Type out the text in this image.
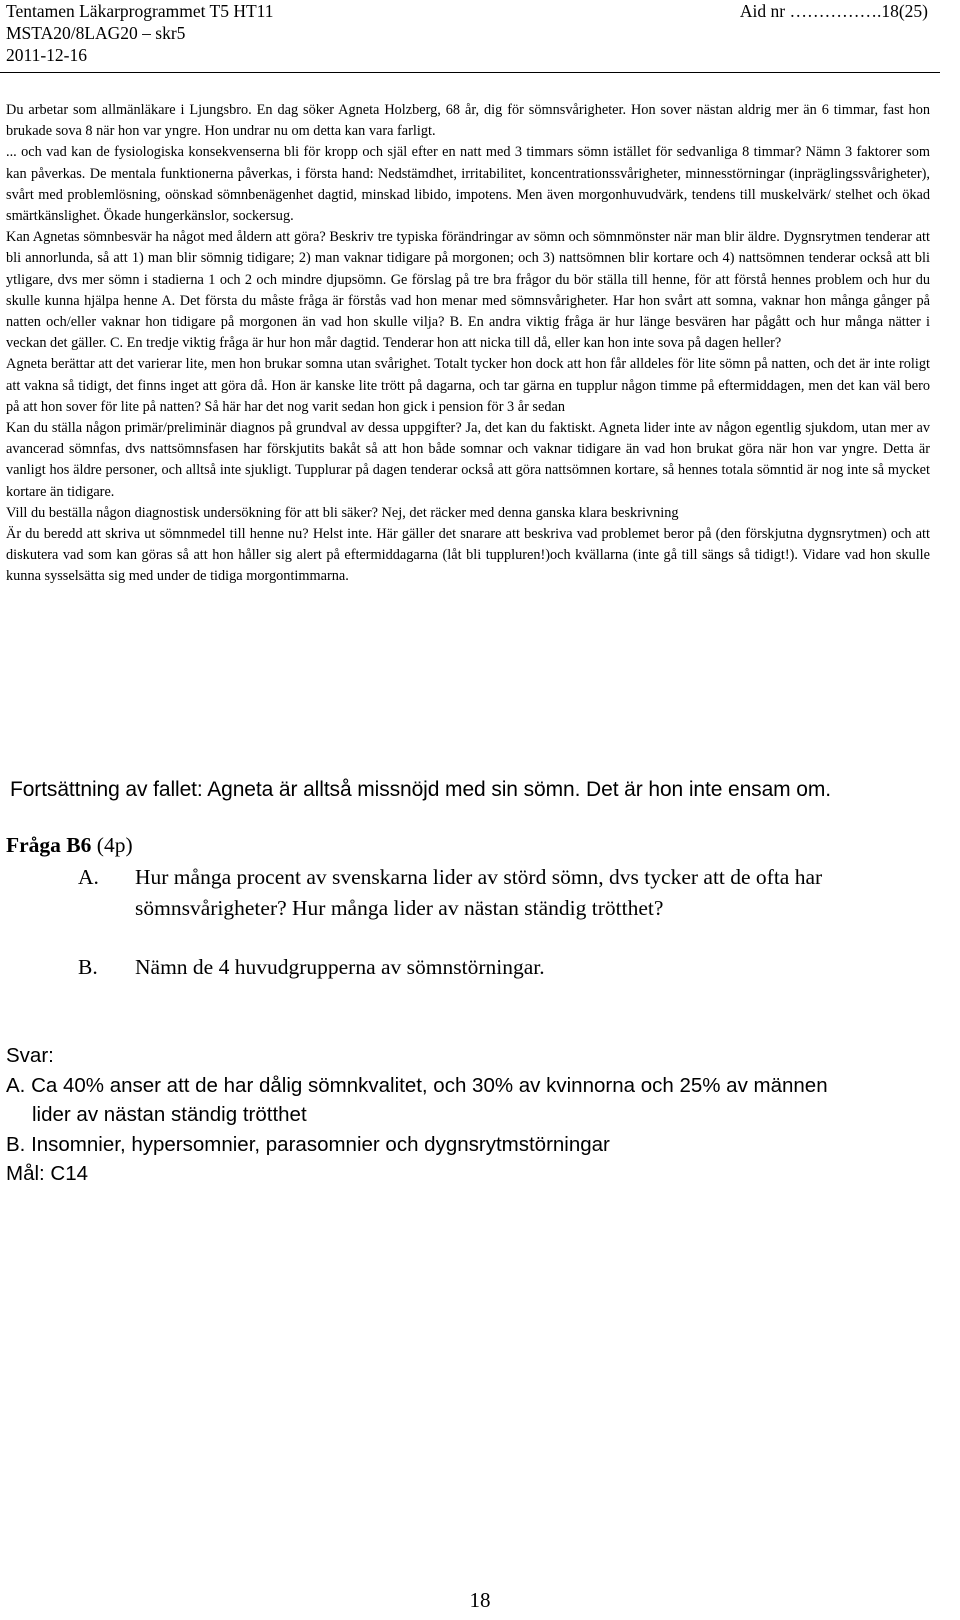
Tentamen Läkarprogrammet T5 HT11
MSTA20/8LAG20 – skr5
2011-12-16
Aid nr …………….18(25)

Du arbetar som allmänläkare i Ljungsbro. En dag söker Agneta Holzberg, 68 år, dig för sömnsvårigheter. Hon sover nästan aldrig mer än 6 timmar, fast hon brukade sova 8 när hon var yngre. Hon undrar nu om detta kan vara farligt.

... och vad kan de fysiologiska konsekvenserna bli för kropp och själ efter en natt med 3 timmars sömn istället för sedvanliga 8 timmar? Nämn 3 faktorer som kan påverkas. De mentala funktionerna påverkas, i första hand: Nedstämdhet, irritabilitet, koncentrationssvårigheter, minnesstörningar (inpräglingssvårigheter), svårt med problemlösning, oönskad sömnbenägenhet dagtid, minskad libido, impotens. Men även morgonhuvudvärk, tendens till muskelvärk/ stelhet och ökad smärtkänslighet. Ökade hungerkänslor, sockersug.

Kan Agnetas sömnbesvär ha något med åldern att göra? Beskriv tre typiska förändringar av sömn och sömnmönster när man blir äldre. Dygnsrytmen tenderar att bli annorlunda, så att 1) man blir sömnig tidigare; 2) man vaknar tidigare på morgonen; och 3) nattsömnen blir kortare och 4) nattsömnen tenderar också att bli ytligare, dvs mer sömn i stadierna 1 och 2 och mindre djupsömn. Ge förslag på tre bra frågor du bör ställa till henne, för att förstå hennes problem och hur du skulle kunna hjälpa henne A. Det första du måste fråga är förstås vad hon menar med sömnsvårigheter. Har hon svårt att somna, vaknar hon många gånger på natten och/eller vaknar hon tidigare på morgonen än vad hon skulle vilja? B. En andra viktig fråga är hur länge besvären har pågått och hur många nätter i veckan det gäller. C. En tredje viktig fråga är hur hon mår dagtid. Tenderar hon att nicka till då, eller kan hon inte sova på dagen heller?

Agneta berättar att det varierar lite, men hon brukar somna utan svårighet. Totalt tycker hon dock att hon får alldeles för lite sömn på natten, och det är inte roligt att vakna så tidigt, det finns inget att göra då. Hon är kanske lite trött på dagarna, och tar gärna en tupplur någon timme på eftermiddagen, men det kan väl bero på att hon sover för lite på natten? Så här har det nog varit sedan hon gick i pension för 3 år sedan

Kan du ställa någon primär/preliminär diagnos på grundval av dessa uppgifter? Ja, det kan du faktiskt. Agneta lider inte av någon egentlig sjukdom, utan mer av avancerad sömnfas, dvs nattsömnsfasen har förskjutits bakåt så att hon både somnar och vaknar tidigare än vad hon brukat göra när hon var yngre. Detta är vanligt hos äldre personer, och alltså inte sjukligt. Tupplurar på dagen tenderar också att göra nattsömnen kortare, så hennes totala sömntid är nog inte så mycket kortare än tidigare.

Vill du beställa någon diagnostisk undersökning för att bli säker? Nej, det räcker med denna ganska klara beskrivning

Är du beredd att skriva ut sömnmedel till henne nu? Helst inte. Här gäller det snarare att beskriva vad problemet beror på (den förskjutna dygnsrytmen) och att diskutera vad som kan göras så att hon håller sig alert på eftermiddagarna (låt bli tuppluren!)och kvällarna (inte gå till sängs så tidigt!). Vidare vad hon skulle kunna sysselsätta sig med under de tidiga morgontimmarna.

Fortsättning av fallet: Agneta är alltså missnöjd med sin sömn. Det är hon inte ensam om.
Fråga B6 (4p)
A. Hur många procent av svenskarna lider av störd sömn, dvs tycker att de ofta har sömnsvårigheter? Hur många lider av nästan ständig trötthet?
B. Nämn de 4 huvudgrupperna av sömnstörningar.
Svar:
A. Ca 40% anser att de har dålig sömnkvalitet, och 30% av kvinnorna och 25% av männen
lider av nästan ständig trötthet
B. Insomnier, hypersomnier, parasomnier och dygnsrytmstörningar
Mål: C14
18
